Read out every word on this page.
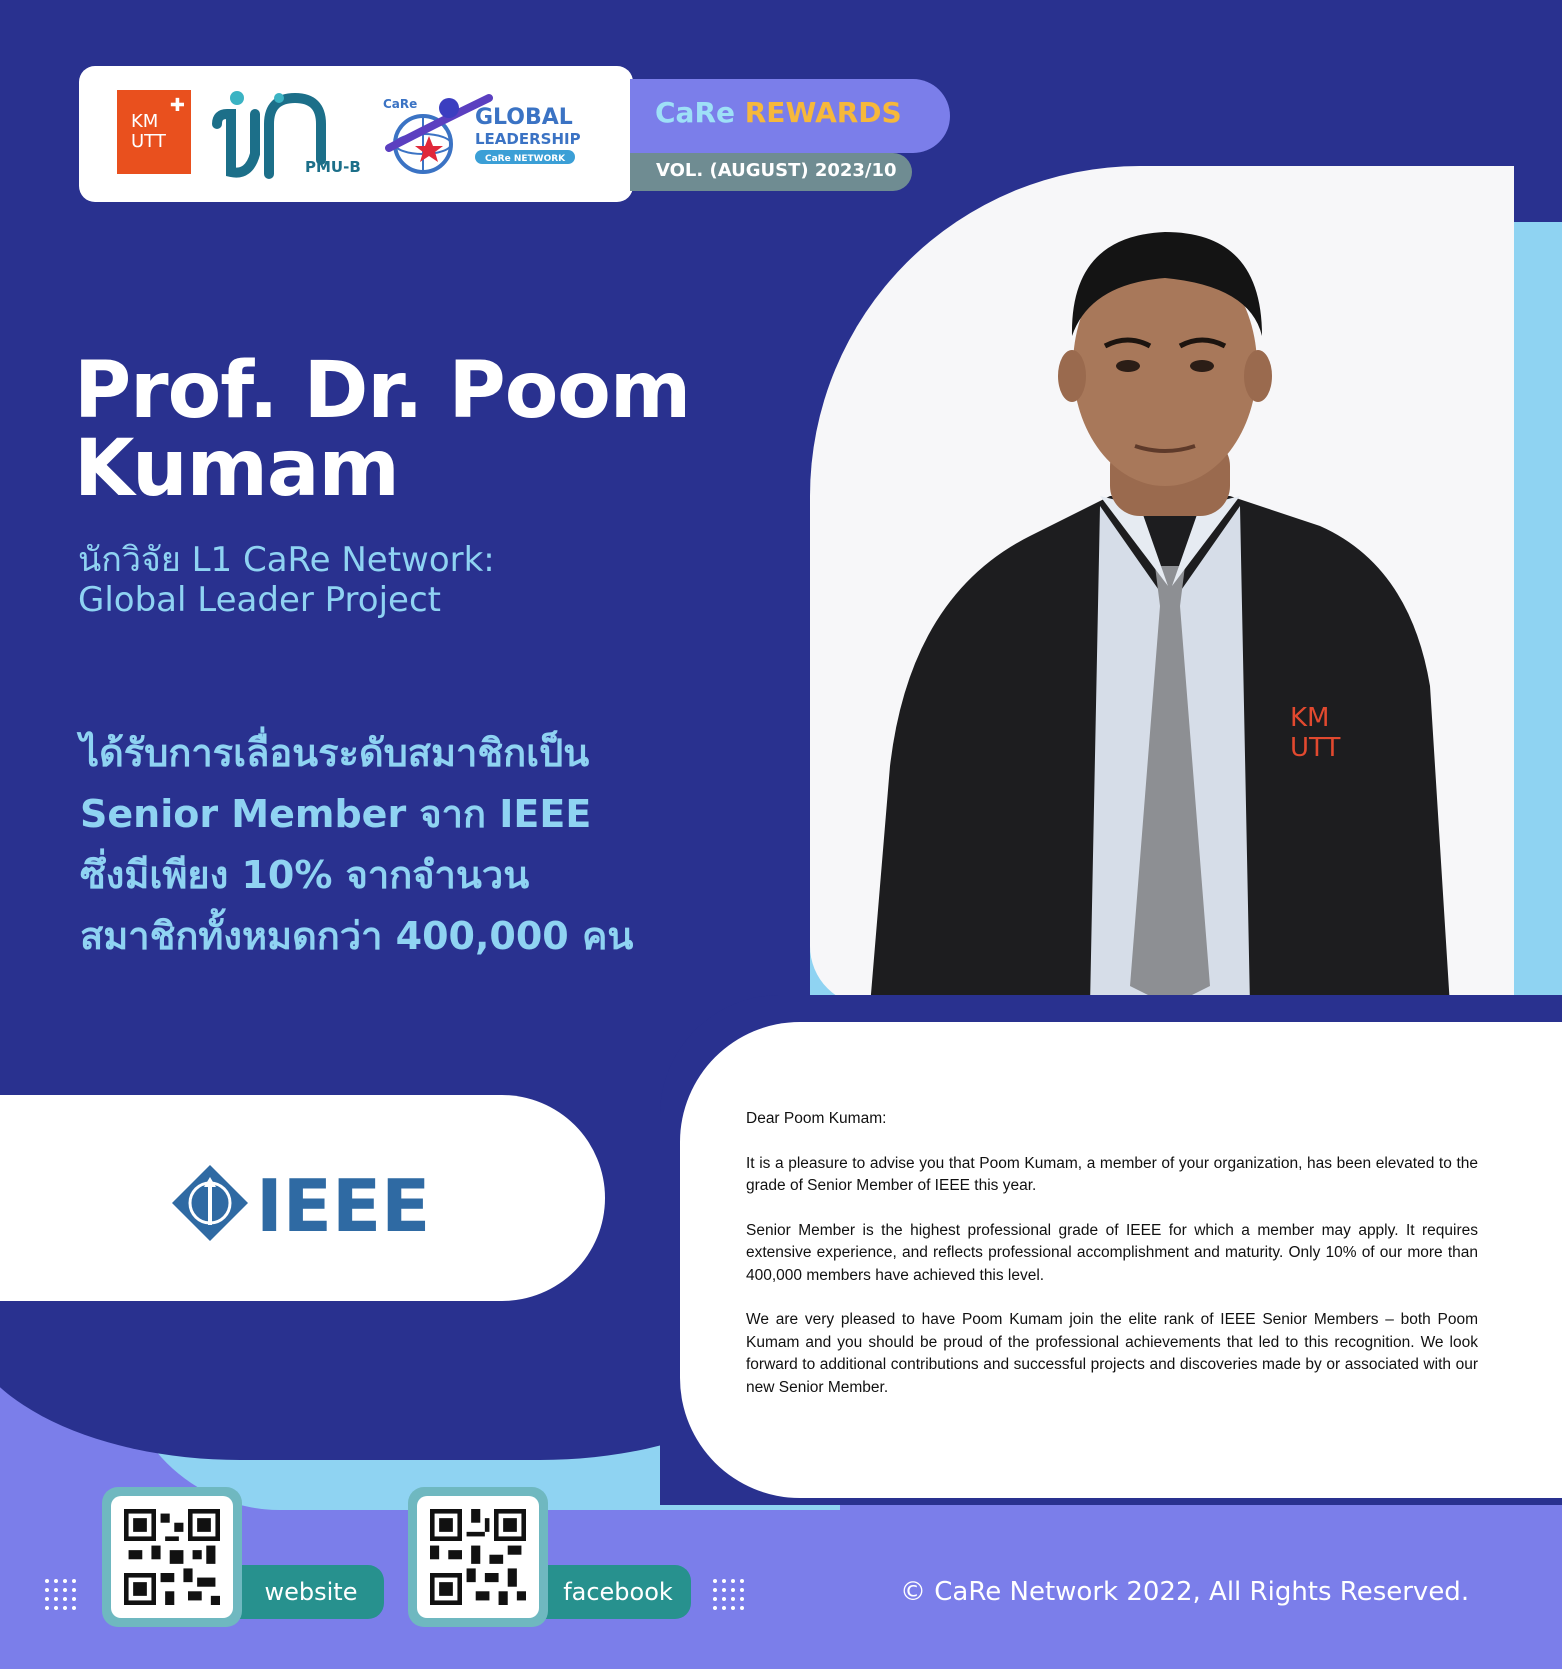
✚
KM
UTT
PMU-B
CaRe
GLOBAL
LEADERSHIP
CaRe NETWORK
CaRe REWARDS
VOL. (AUGUST) 2023/10
KM
UTT
Prof. Dr. Poom
Kumam
นักวิจัย L1 CaRe Network:
Global Leader Project
ได้รับการเลื่อนระดับสมาชิกเป็น
Senior Member จาก IEEE
ซึ่งมีเพียง 10% จากจำนวน
สมาชิกทั้งหมดกว่า 400,000 คน

Dear Poom Kumam:

It is a pleasure to advise you that Poom Kumam, a member of your organization, has been elevated to the grade of Senior Member of IEEE this year.

Senior Member is the highest professional grade of IEEE for which a member may apply. It requires extensive experience, and reflects professional accomplishment and maturity. Only 10% of our more than 400,000 members have achieved this level.

We are very pleased to have Poom Kumam join the elite rank of IEEE Senior Members – both Poom Kumam and you should be proud of the professional achievements that led to this recognition. We look forward to additional contributions and successful projects and discoveries made by or associated with our new Senior Member.

IEEE
website	facebook	© CaRe Network 2022, All Rights Reserved.
